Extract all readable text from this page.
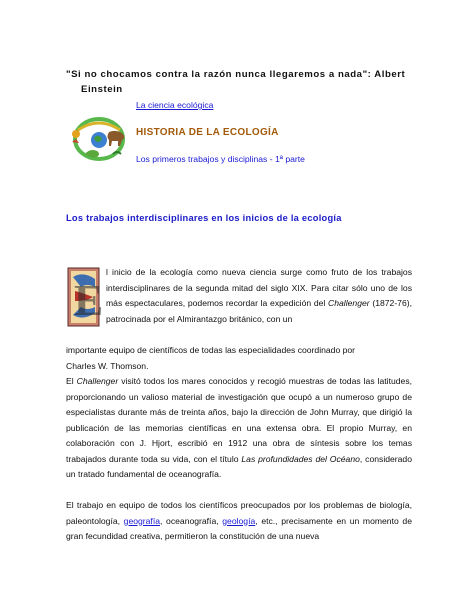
"Si no chocamos contra la razón nunca llegaremos a nada": Albert
Einstein
La ciencia ecológica
HISTORIA DE LA ECOLOGÍA
Los primeros trabajos y disciplinas - 1ª parte
Los trabajos interdisciplinares en los inicios de la ecología
E
l inicio de la ecología como nueva ciencia surge como fruto de los trabajos interdisciplinares de la segunda mitad del siglo XIX. Para citar sólo uno de los más espectaculares, podemos recordar la expedición del Challenger (1872-76), patrocinada por el Almirantazgo británico, con un
importante equipo de científicos de todas las especialidades coordinado por
Charles W. Thomson.
El Challenger visitó todos los mares conocidos y recogió muestras de todas las latitudes, proporcionando un valioso material de investigación que ocupó a un numeroso grupo de especialistas durante más de treinta años, bajo la dirección de John Murray, que dirigió la publicación de las memorias científicas en una extensa obra. El propio Murray, en colaboración con J. Hjort, escribió en 1912 una obra de síntesis sobre los temas trabajados durante toda su vida, con el título Las profundidades del Océano, considerado un tratado fundamental de oceanografía.
El trabajo en equipo de todos los científicos preocupados por los problemas de biología, paleontología, geografía, oceanografía, geología, etc., precisamente en un momento de gran fecundidad creativa, permitieron la constitución de una nueva
